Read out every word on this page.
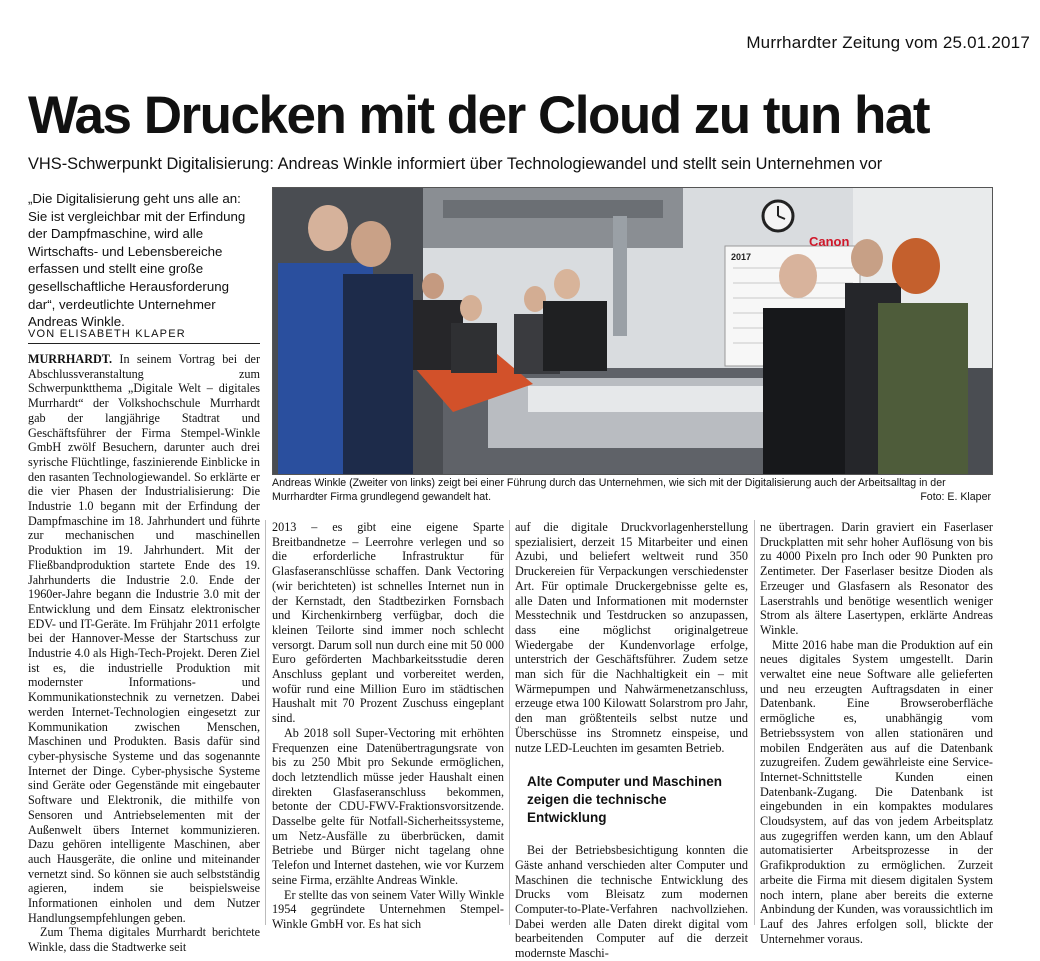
Murrhardter Zeitung vom 25.01.2017
Was Drucken mit der Cloud zu tun hat
VHS-Schwerpunkt Digitalisierung: Andreas Winkle informiert über Technologiewandel und stellt sein Unternehmen vor
„Die Digitalisierung geht uns alle an: Sie ist vergleichbar mit der Erfindung der Dampfmaschine, wird alle Wirtschafts- und Lebensbereiche erfassen und stellt eine große gesellschaftliche Herausforderung dar“, verdeutlichte Unternehmer Andreas Winkle.
VON ELISABETH KLAPER
2017
Canon
Andreas Winkle (Zweiter von links) zeigt bei einer Führung durch das Unternehmen, wie sich mit der Digitalisierung auch der Arbeitsalltag in der Murrhardter Firma grundlegend gewandelt hat.	Foto: E. Klaper

MURRHARDT. In seinem Vortrag bei der Abschlussveranstaltung zum Schwerpunktthema „Digitale Welt – digitales Murrhardt“ der Volkshochschule Murrhardt gab der langjährige Stadtrat und Geschäftsführer der Firma Stempel-Winkle GmbH zwölf Besuchern, darunter auch drei syrische Flüchtlinge, faszinierende Einblicke in den rasanten Technologiewandel. So erklärte er die vier Phasen der Industrialisierung: Die Industrie 1.0 begann mit der Erfindung der Dampfmaschine im 18. Jahrhundert und führte zur mechanischen und maschinellen Produktion im 19. Jahrhundert. Mit der Fließbandproduktion startete Ende des 19. Jahrhunderts die Industrie 2.0. Ende der 1960er-Jahre begann die Industrie 3.0 mit der Entwicklung und dem Einsatz elektronischer EDV- und IT-Geräte. Im Frühjahr 2011 erfolgte bei der Hannover-Messe der Startschuss zur Industrie 4.0 als High-Tech-Projekt. Deren Ziel ist es, die industrielle Produktion mit modernster Informations- und Kommunikationstechnik zu vernetzen. Dabei werden Internet-Technologien eingesetzt zur Kommunikation zwischen Menschen, Maschinen und Produkten. Basis dafür sind cyber-physische Systeme und das sogenannte Internet der Dinge. Cyber-physische Systeme sind Geräte oder Gegenstände mit eingebauter Software und Elektronik, die mithilfe von Sensoren und Antriebselementen mit der Außenwelt übers Internet kommunizieren. Dazu gehören intelligente Maschinen, aber auch Hausgeräte, die online und miteinander vernetzt sind. So können sie auch selbstständig agieren, indem sie beispielsweise Informationen einholen und dem Nutzer Handlungsempfehlungen geben.

Zum Thema digitales Murrhardt berichtete Winkle, dass die Stadtwerke seit

2013 – es gibt eine eigene Sparte Breitbandnetze – Leerrohre verlegen und so die erforderliche Infrastruktur für Glasfaseranschlüsse schaffen. Dank Vectoring (wir berichteten) ist schnelles Internet nun in der Kernstadt, den Stadtbezirken Fornsbach und Kirchenkirnberg verfügbar, doch die kleinen Teilorte sind immer noch schlecht versorgt. Darum soll nun durch eine mit 50 000 Euro geförderten Machbarkeitsstudie deren Anschluss geplant und vorbereitet werden, wofür rund eine Million Euro im städtischen Haushalt mit 70 Prozent Zuschuss eingeplant sind.

Ab 2018 soll Super-Vectoring mit erhöhten Frequenzen eine Datenübertragungsrate von bis zu 250 Mbit pro Sekunde ermöglichen, doch letztendlich müsse jeder Haushalt einen direkten Glasfaseranschluss bekommen, betonte der CDU-FWV-Fraktionsvorsitzende. Dasselbe gelte für Notfall-Sicherheitssysteme, um Netz-Ausfälle zu überbrücken, damit Betriebe und Bürger nicht tagelang ohne Telefon und Internet dastehen, wie vor Kurzem seine Firma, erzählte Andreas Winkle.

Er stellte das von seinem Vater Willy Winkle 1954 gegründete Unternehmen Stempel-Winkle GmbH vor. Es hat sich

auf die digitale Druckvorlagenherstellung spezialisiert, derzeit 15 Mitarbeiter und einen Azubi, und beliefert weltweit rund 350 Druckereien für Verpackungen verschiedenster Art. Für optimale Druckergebnisse gelte es, alle Daten und Informationen mit modernster Messtechnik und Testdrucken so anzupassen, dass eine möglichst originalgetreue Wiedergabe der Kundenvorlage erfolge, unterstrich der Geschäftsführer. Zudem setze man sich für die Nachhaltigkeit ein – mit Wärmepumpen und Nahwärmenetzanschluss, erzeuge etwa 100 Kilowatt Solarstrom pro Jahr, den man größtenteils selbst nutze und Überschüsse ins Stromnetz einspeise, und nutze LED-Leuchten im gesamten Betrieb.

Alte Computer und Maschinen zeigen die technische Entwicklung

Bei der Betriebsbesichtigung konnten die Gäste anhand verschieden alter Computer und Maschinen die technische Entwicklung des Drucks vom Bleisatz zum modernen Computer-to-Plate-Verfahren nachvollziehen. Dabei werden alle Daten direkt digital vom bearbeitenden Computer auf die derzeit modernste Maschi-

ne übertragen. Darin graviert ein Faserlaser Druckplatten mit sehr hoher Auflösung von bis zu 4000 Pixeln pro Inch oder 90 Punkten pro Zentimeter. Der Faserlaser besitze Dioden als Erzeuger und Glasfasern als Resonator des Laserstrahls und benötige wesentlich weniger Strom als ältere Lasertypen, erklärte Andreas Winkle.

Mitte 2016 habe man die Produktion auf ein neues digitales System umgestellt. Darin verwaltet eine neue Software alle gelieferten und neu erzeugten Auftragsdaten in einer Datenbank. Eine Browseroberfläche ermögliche es, unabhängig vom Betriebssystem von allen stationären und mobilen Endgeräten aus auf die Datenbank zuzugreifen. Zudem gewährleiste eine Service-Internet-Schnittstelle Kunden einen Datenbank-Zugang. Die Datenbank ist eingebunden in ein kompaktes modulares Cloudsystem, auf das von jedem Arbeitsplatz aus zugegriffen werden kann, um den Ablauf automatisierter Arbeitsprozesse in der Grafikproduktion zu ermöglichen. Zurzeit arbeite die Firma mit diesem digitalen System noch intern, plane aber bereits die externe Anbindung der Kunden, was voraussichtlich im Lauf des Jahres erfolgen soll, blickte der Unternehmer voraus.
